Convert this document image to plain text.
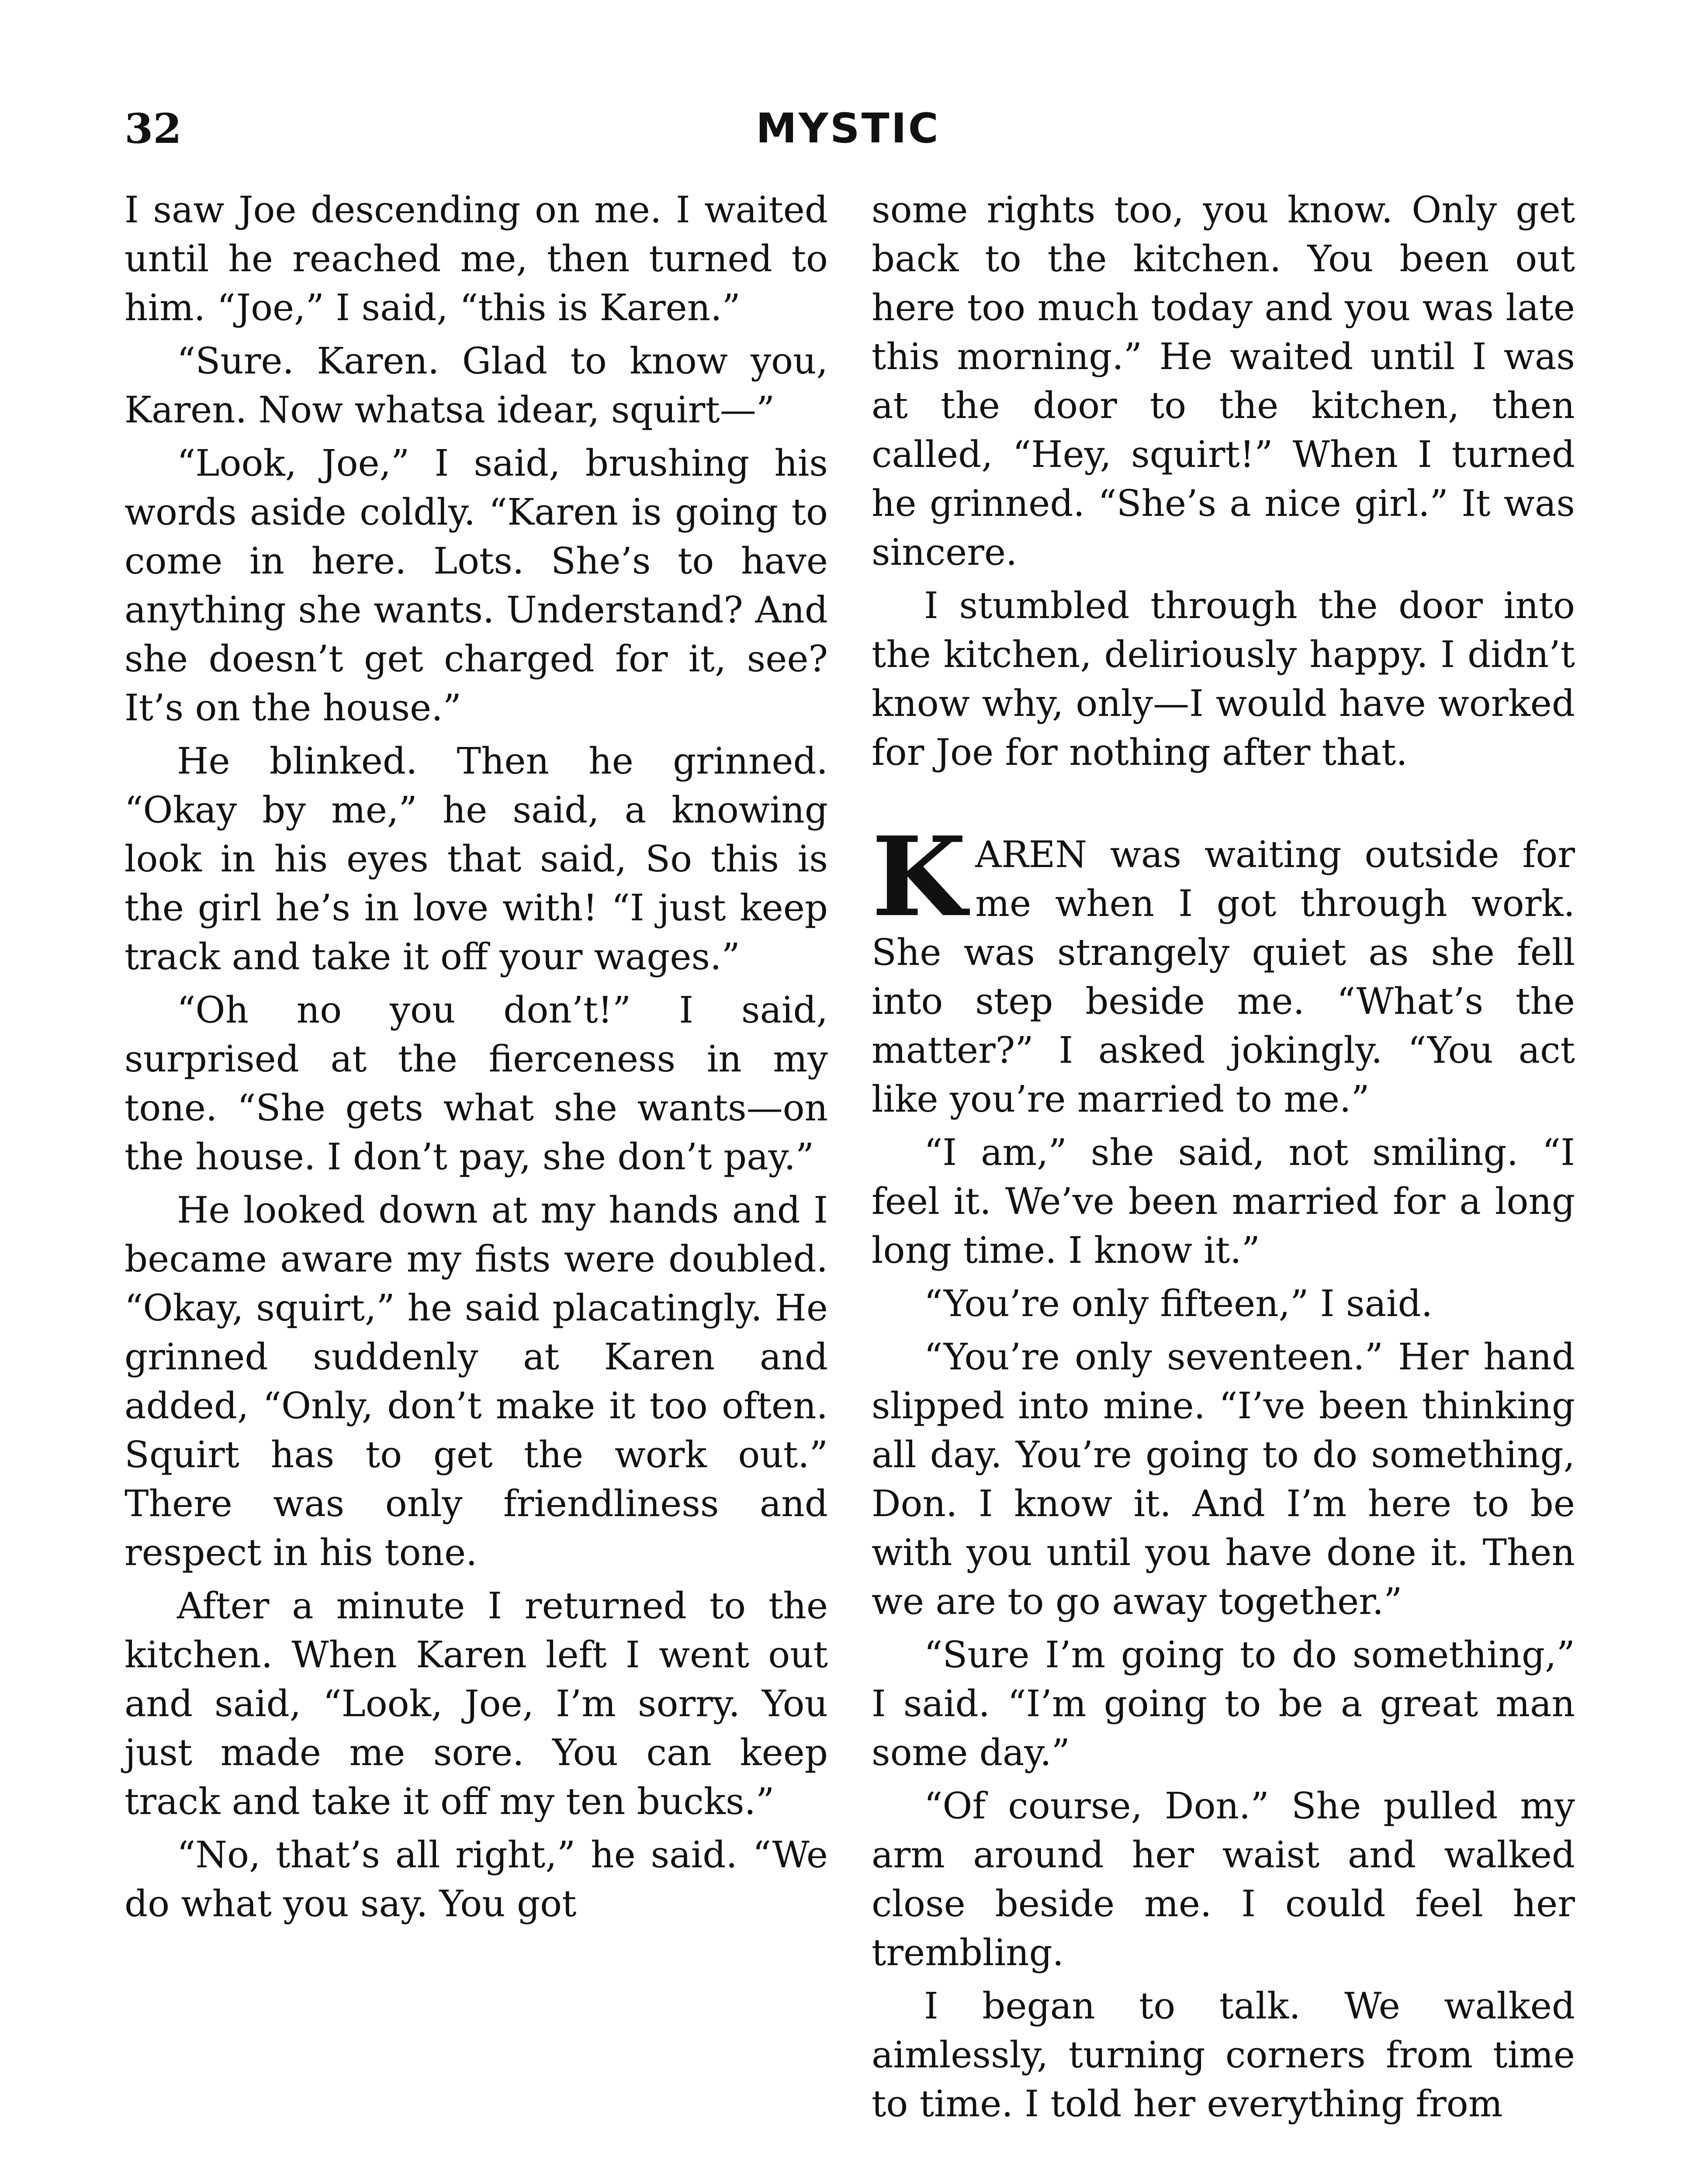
32	MYSTIC

I saw Joe descending on me. I waited until he reached me, then turned to him. “Joe,” I said, “this is Karen.”

“Sure. Karen. Glad to know you, Karen. Now whatsa idear, squirt—”

“Look, Joe,” I said, brushing his words aside coldly. “Karen is going to come in here. Lots. She’s to have anything she wants. Understand? And she doesn’t get charged for it, see? It’s on the house.”

He blinked. Then he grinned. “Okay by me,” he said, a knowing look in his eyes that said, So this is the girl he’s in love with! “I just keep track and take it off your wages.”

“Oh no you don’t!” I said, surprised at the fierceness in my tone. “She gets what she wants—on the house. I don’t pay, she don’t pay.”

He looked down at my hands and I became aware my fists were doubled. “Okay, squirt,” he said placatingly. He grinned suddenly at Karen and added, “Only, don’t make it too often. Squirt has to get the work out.” There was only friendliness and respect in his tone.

After a minute I returned to the kitchen. When Karen left I went out and said, “Look, Joe, I’m sorry. You just made me sore. You can keep track and take it off my ten bucks.”

“No, that’s all right,” he said. “We do what you say. You got

some rights too, you know. Only get back to the kitchen. You been out here too much today and you was late this morning.” He waited until I was at the door to the kitchen, then called, “Hey, squirt!” When I turned he grinned. “She’s a nice girl.” It was sincere.

I stumbled through the door into the kitchen, deliriously happy. I didn’t know why, only—I would have worked for Joe for nothing after that.

KAREN was waiting outside for me when I got through work. She was strangely quiet as she fell into step beside me. “What’s the matter?” I asked jokingly. “You act like you’re married to me.”

“I am,” she said, not smiling. “I feel it. We’ve been married for a long long time. I know it.”

“You’re only fifteen,” I said.

“You’re only seventeen.” Her hand slipped into mine. “I’ve been thinking all day. You’re going to do something, Don. I know it. And I’m here to be with you until you have done it. Then we are to go away together.”

“Sure I’m going to do something,” I said. “I’m going to be a great man some day.”

“Of course, Don.” She pulled my arm around her waist and walked close beside me. I could feel her trembling.

I began to talk. We walked aimlessly, turning corners from time to time. I told her everything from
